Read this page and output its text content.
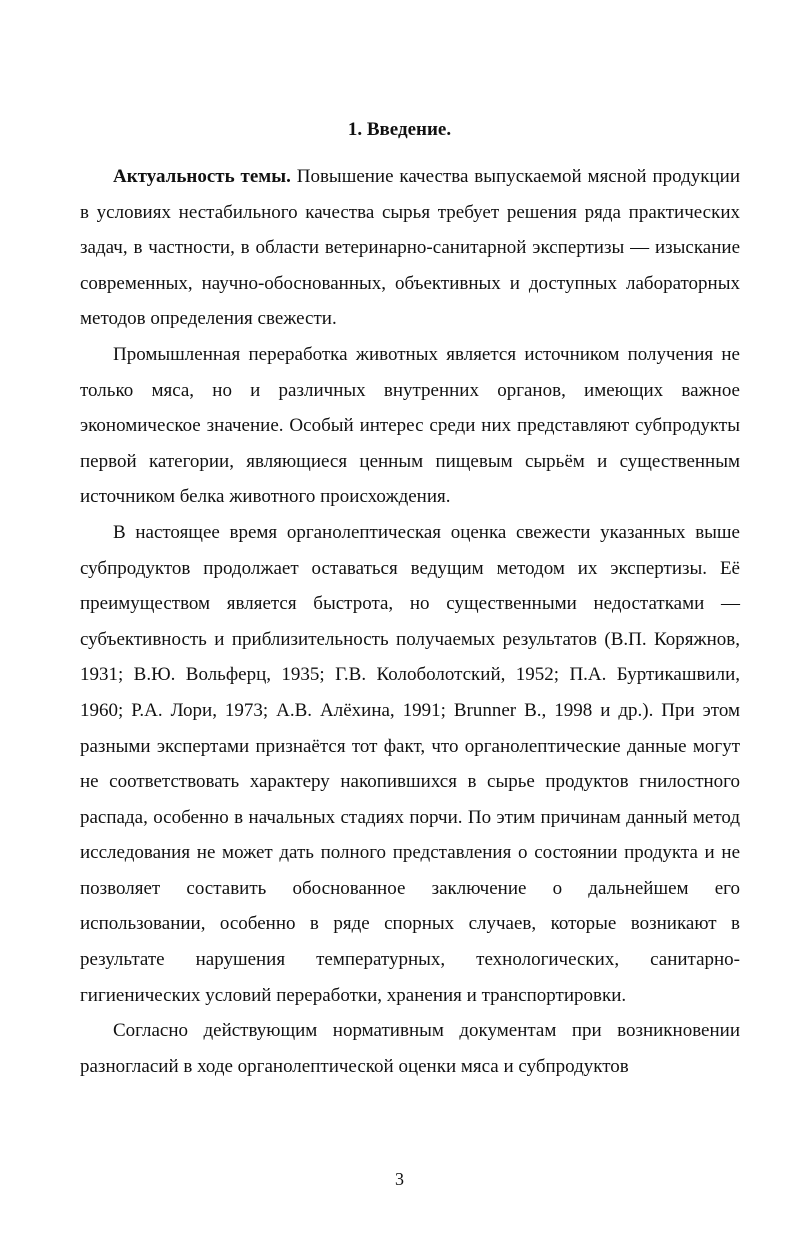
1. Введение.

Актуальность темы. Повышение качества выпускаемой мясной продукции в условиях нестабильного качества сырья требует решения ряда практических задач, в частности, в области ветеринарно-санитарной экспертизы — изыскание современных, научно-обоснованных, объективных и доступных лабораторных методов определения свежести.

Промышленная переработка животных является источником получения не только мяса, но и различных внутренних органов, имеющих важное экономическое значение. Особый интерес среди них представляют субпродукты первой категории, являющиеся ценным пищевым сырьём и существенным источником белка животного происхождения.

В настоящее время органолептическая оценка свежести указанных выше субпродуктов продолжает оставаться ведущим методом их экспертизы. Её преимуществом является быстрота, но существенными недостатками — субъективность и приблизительность получаемых результатов (В.П. Коряжнов, 1931; В.Ю. Вольферц, 1935; Г.В. Колоболотский, 1952; П.А. Буртикашвили, 1960; Р.А. Лори, 1973; А.В. Алёхина, 1991; Brunner B., 1998 и др.). При этом разными экспертами признаётся тот факт, что органолептические данные могут не соответствовать характеру накопившихся в сырье продуктов гнилостного распада, особенно в начальных стадиях порчи. По этим причинам данный метод исследования не может дать полного представления о состоянии продукта и не позволяет составить обоснованное заключение о дальнейшем его использовании, особенно в ряде спорных случаев, которые возникают в результате нарушения температурных, технологических, санитарно-гигиенических условий переработки, хранения и транспортировки.

Согласно действующим нормативным документам при возникновении разногласий в ходе органолептической оценки мяса и субпродуктов

3
